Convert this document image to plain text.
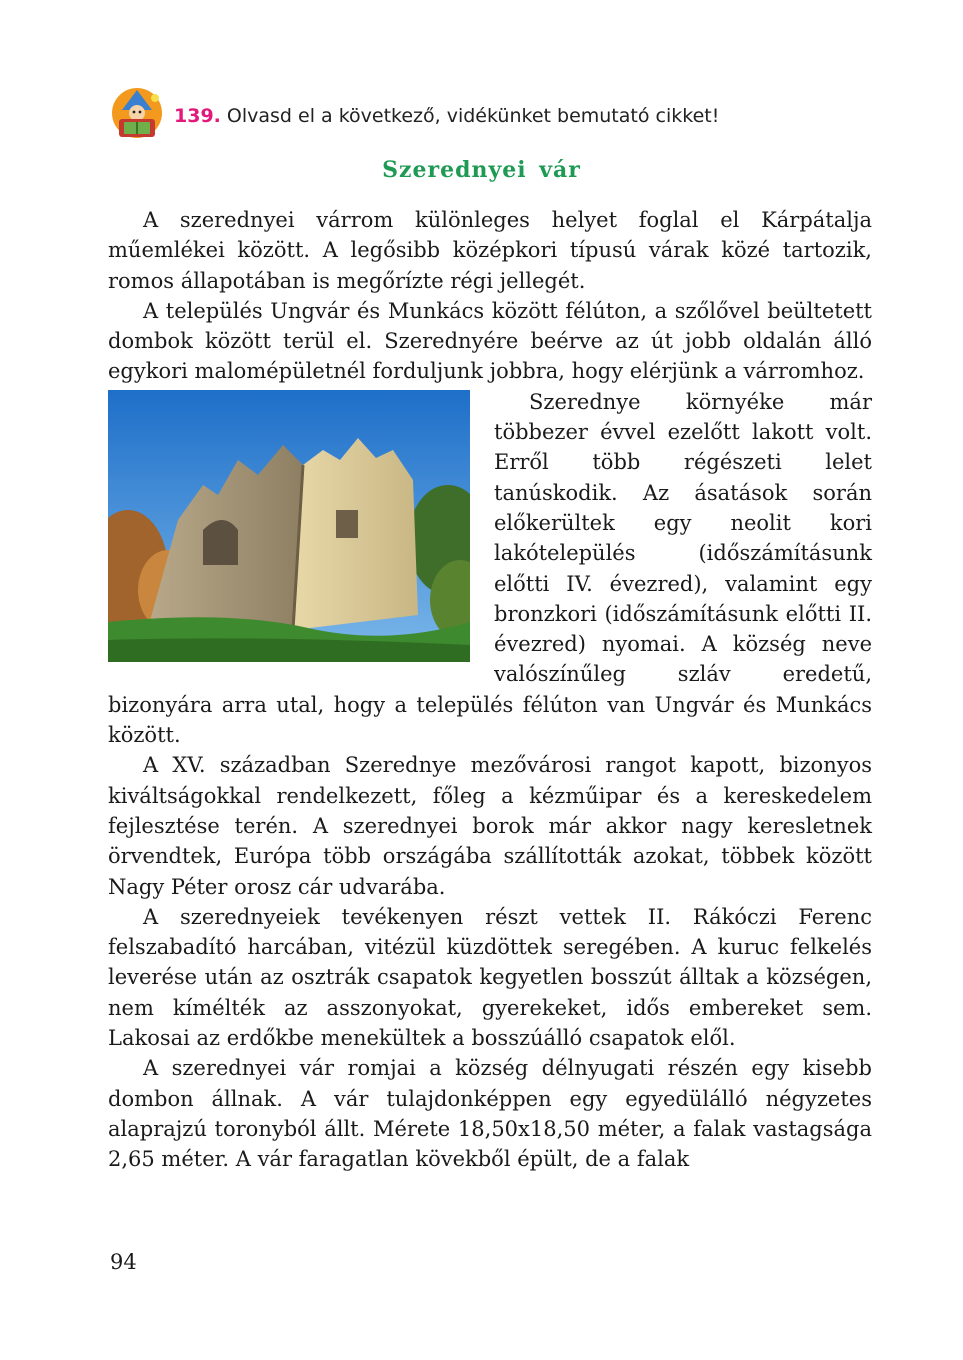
139. Olvasd el a következő, vidékünket bemutató cikket!
Szerednyei vár

A szerednyei várrom különleges helyet foglal el Kárpátalja műemlékei között. A legősibb középkori típusú várak közé tartozik, romos állapotában is megőrízte régi jellegét.

A település Ungvár és Munkács között félúton, a szőlővel beültetett dombok között terül el. Szerednyére beérve az út jobb oldalán álló egykori malomépületnél forduljunk jobbra, hogy elérjünk a várromhoz.

Szerednye környéke már többezer évvel ezelőtt lakott volt. Erről több régészeti lelet tanúskodik. Az ásatások során előkerültek egy neolit kori lakótelepülés (időszámításunk előtti IV. évezred), valamint egy bronzkori (időszámításunk előtti II. évezred) nyomai. A község neve valószínűleg szláv eredetű, bizonyára arra utal, hogy a település félúton van Ungvár és Munkács között.

A XV. században Szerednye mezővárosi rangot kapott, bizonyos kiváltságokkal rendelkezett, főleg a kézműipar és a kereskedelem fejlesztése terén. A szerednyei borok már akkor nagy keresletnek örvendtek, Európa több országába szállították azokat, többek között Nagy Péter orosz cár udvarába.

A szerednyeiek tevékenyen részt vettek II. Rákóczi Ferenc felszabadító harcában, vitézül küzdöttek seregében. A kuruc felkelés leverése után az osztrák csapatok kegyetlen bosszút álltak a községen, nem kímélték az asszonyokat, gyerekeket, idős embereket sem. Lakosai az erdőkbe menekültek a bosszúálló csapatok elől.

A szerednyei vár romjai a község délnyugati részén egy kisebb dombon állnak. A vár tulajdonképpen egy egyedülálló négyzetes alaprajzú toronyból állt. Mérete 18,50x18,50 méter, a falak vastagsága 2,65 méter. A vár faragatlan kövekből épült, de a falak

94
